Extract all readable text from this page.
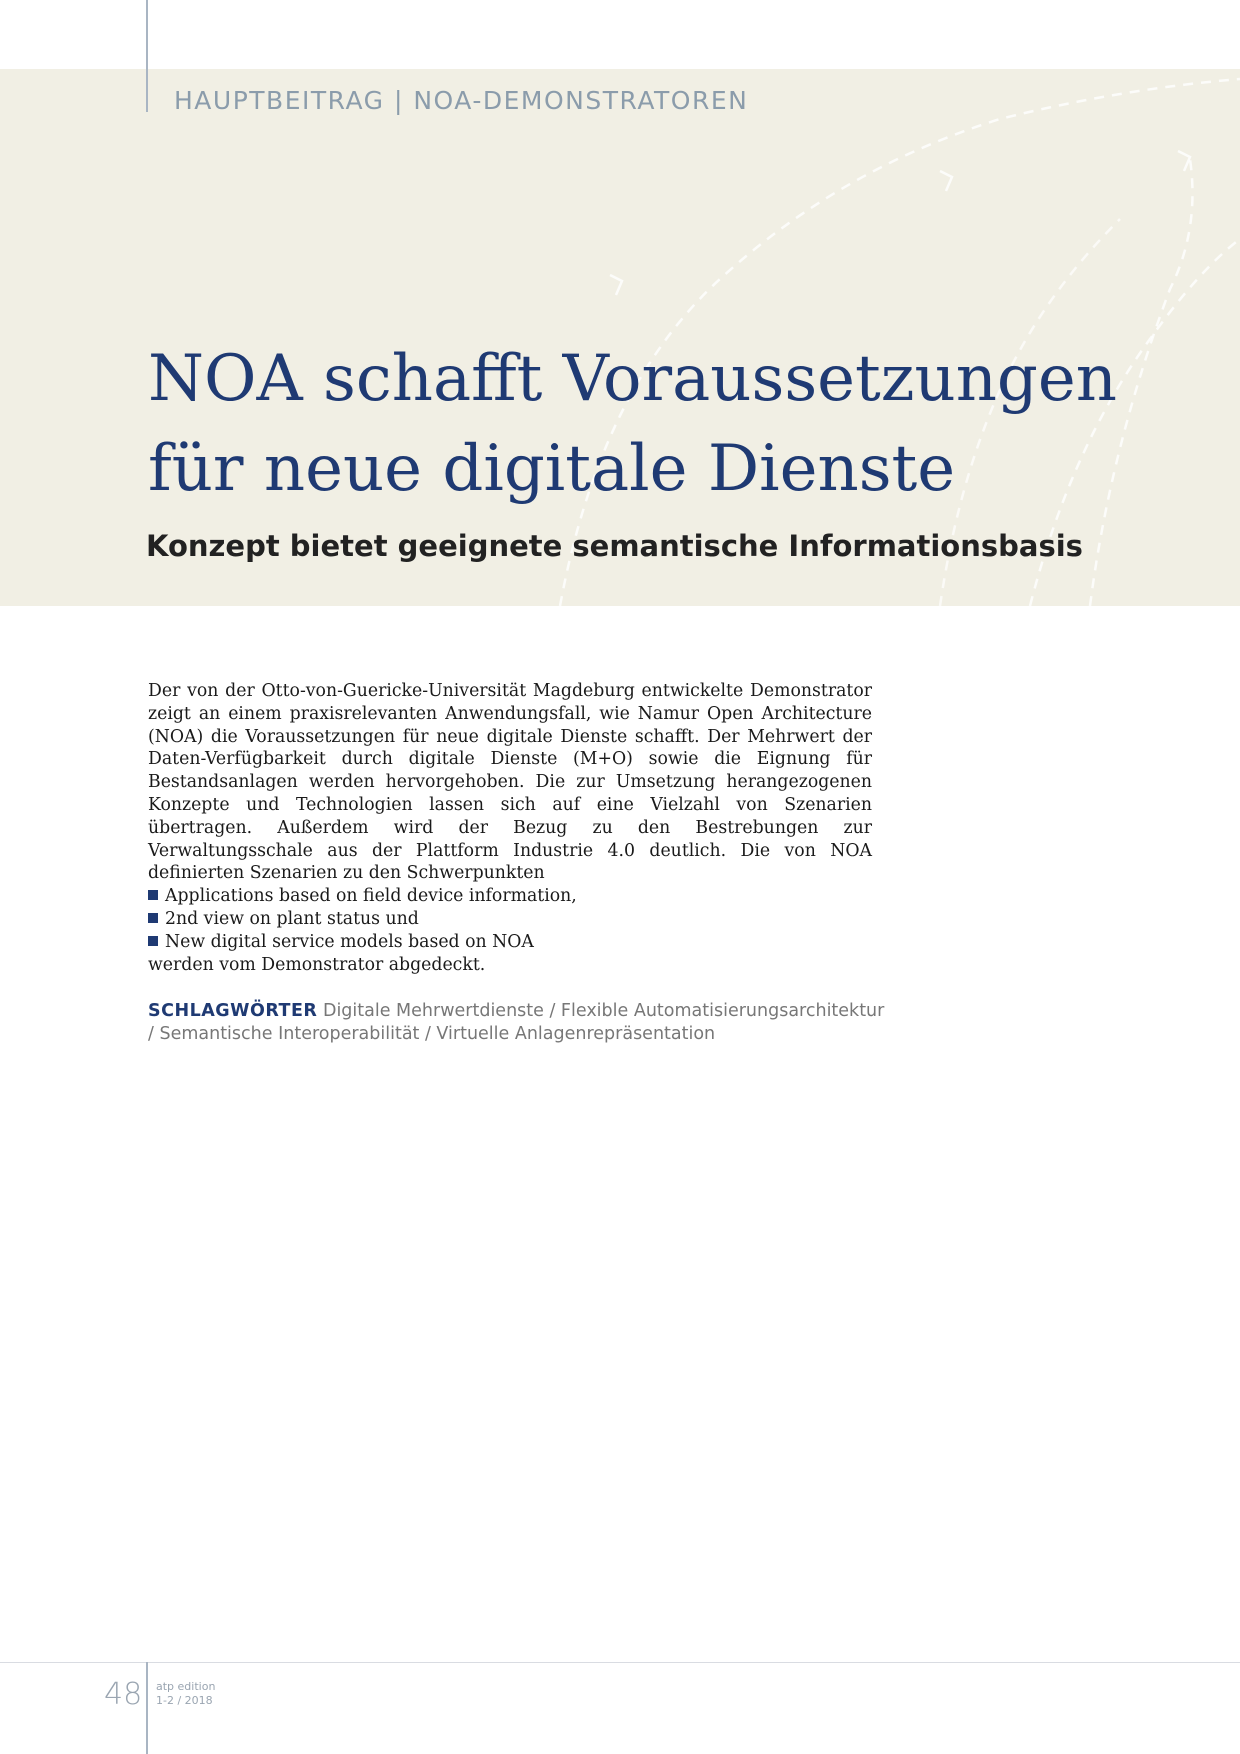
NOA schafft Voraussetzungen
für neue digitale Dienste
Konzept bietet geeignete semantische Informationsbasis
HAUPTBEITRAG | NOA-DEMONSTRATOREN

Der von der Otto-von-Guericke-Universität Magdeburg entwickelte Demonstrator zeigt an einem praxisrelevanten Anwendungsfall, wie Namur Open Architecture (NOA) die Voraussetzungen für neue digitale Dienste schafft. Der Mehrwert der Daten-Verfügbarkeit durch digitale Dienste (M+O) sowie die Eignung für Bestandsanlagen werden hervorgehoben. Die zur Umsetzung herangezogenen Konzepte und Technologien lassen sich auf eine Vielzahl von Szenarien übertragen. Außerdem wird der Bezug zu den Bestrebungen zur Verwaltungsschale aus der Plattform Industrie 4.0 deutlich. Die von NOA definierten Szenarien zu den Schwerpunkten

Applications based on field device information,
2nd view on plant status und
New digital service models based on NOA

werden vom Demonstrator abgedeckt.

SCHLAGWÖRTER Digitale Mehrwertdienste / Flexible Automatisierungsarchitektur / Semantische Interoperabilität / Virtuelle Anlagenrepräsentation
48 atp edition
1-2 / 2018
